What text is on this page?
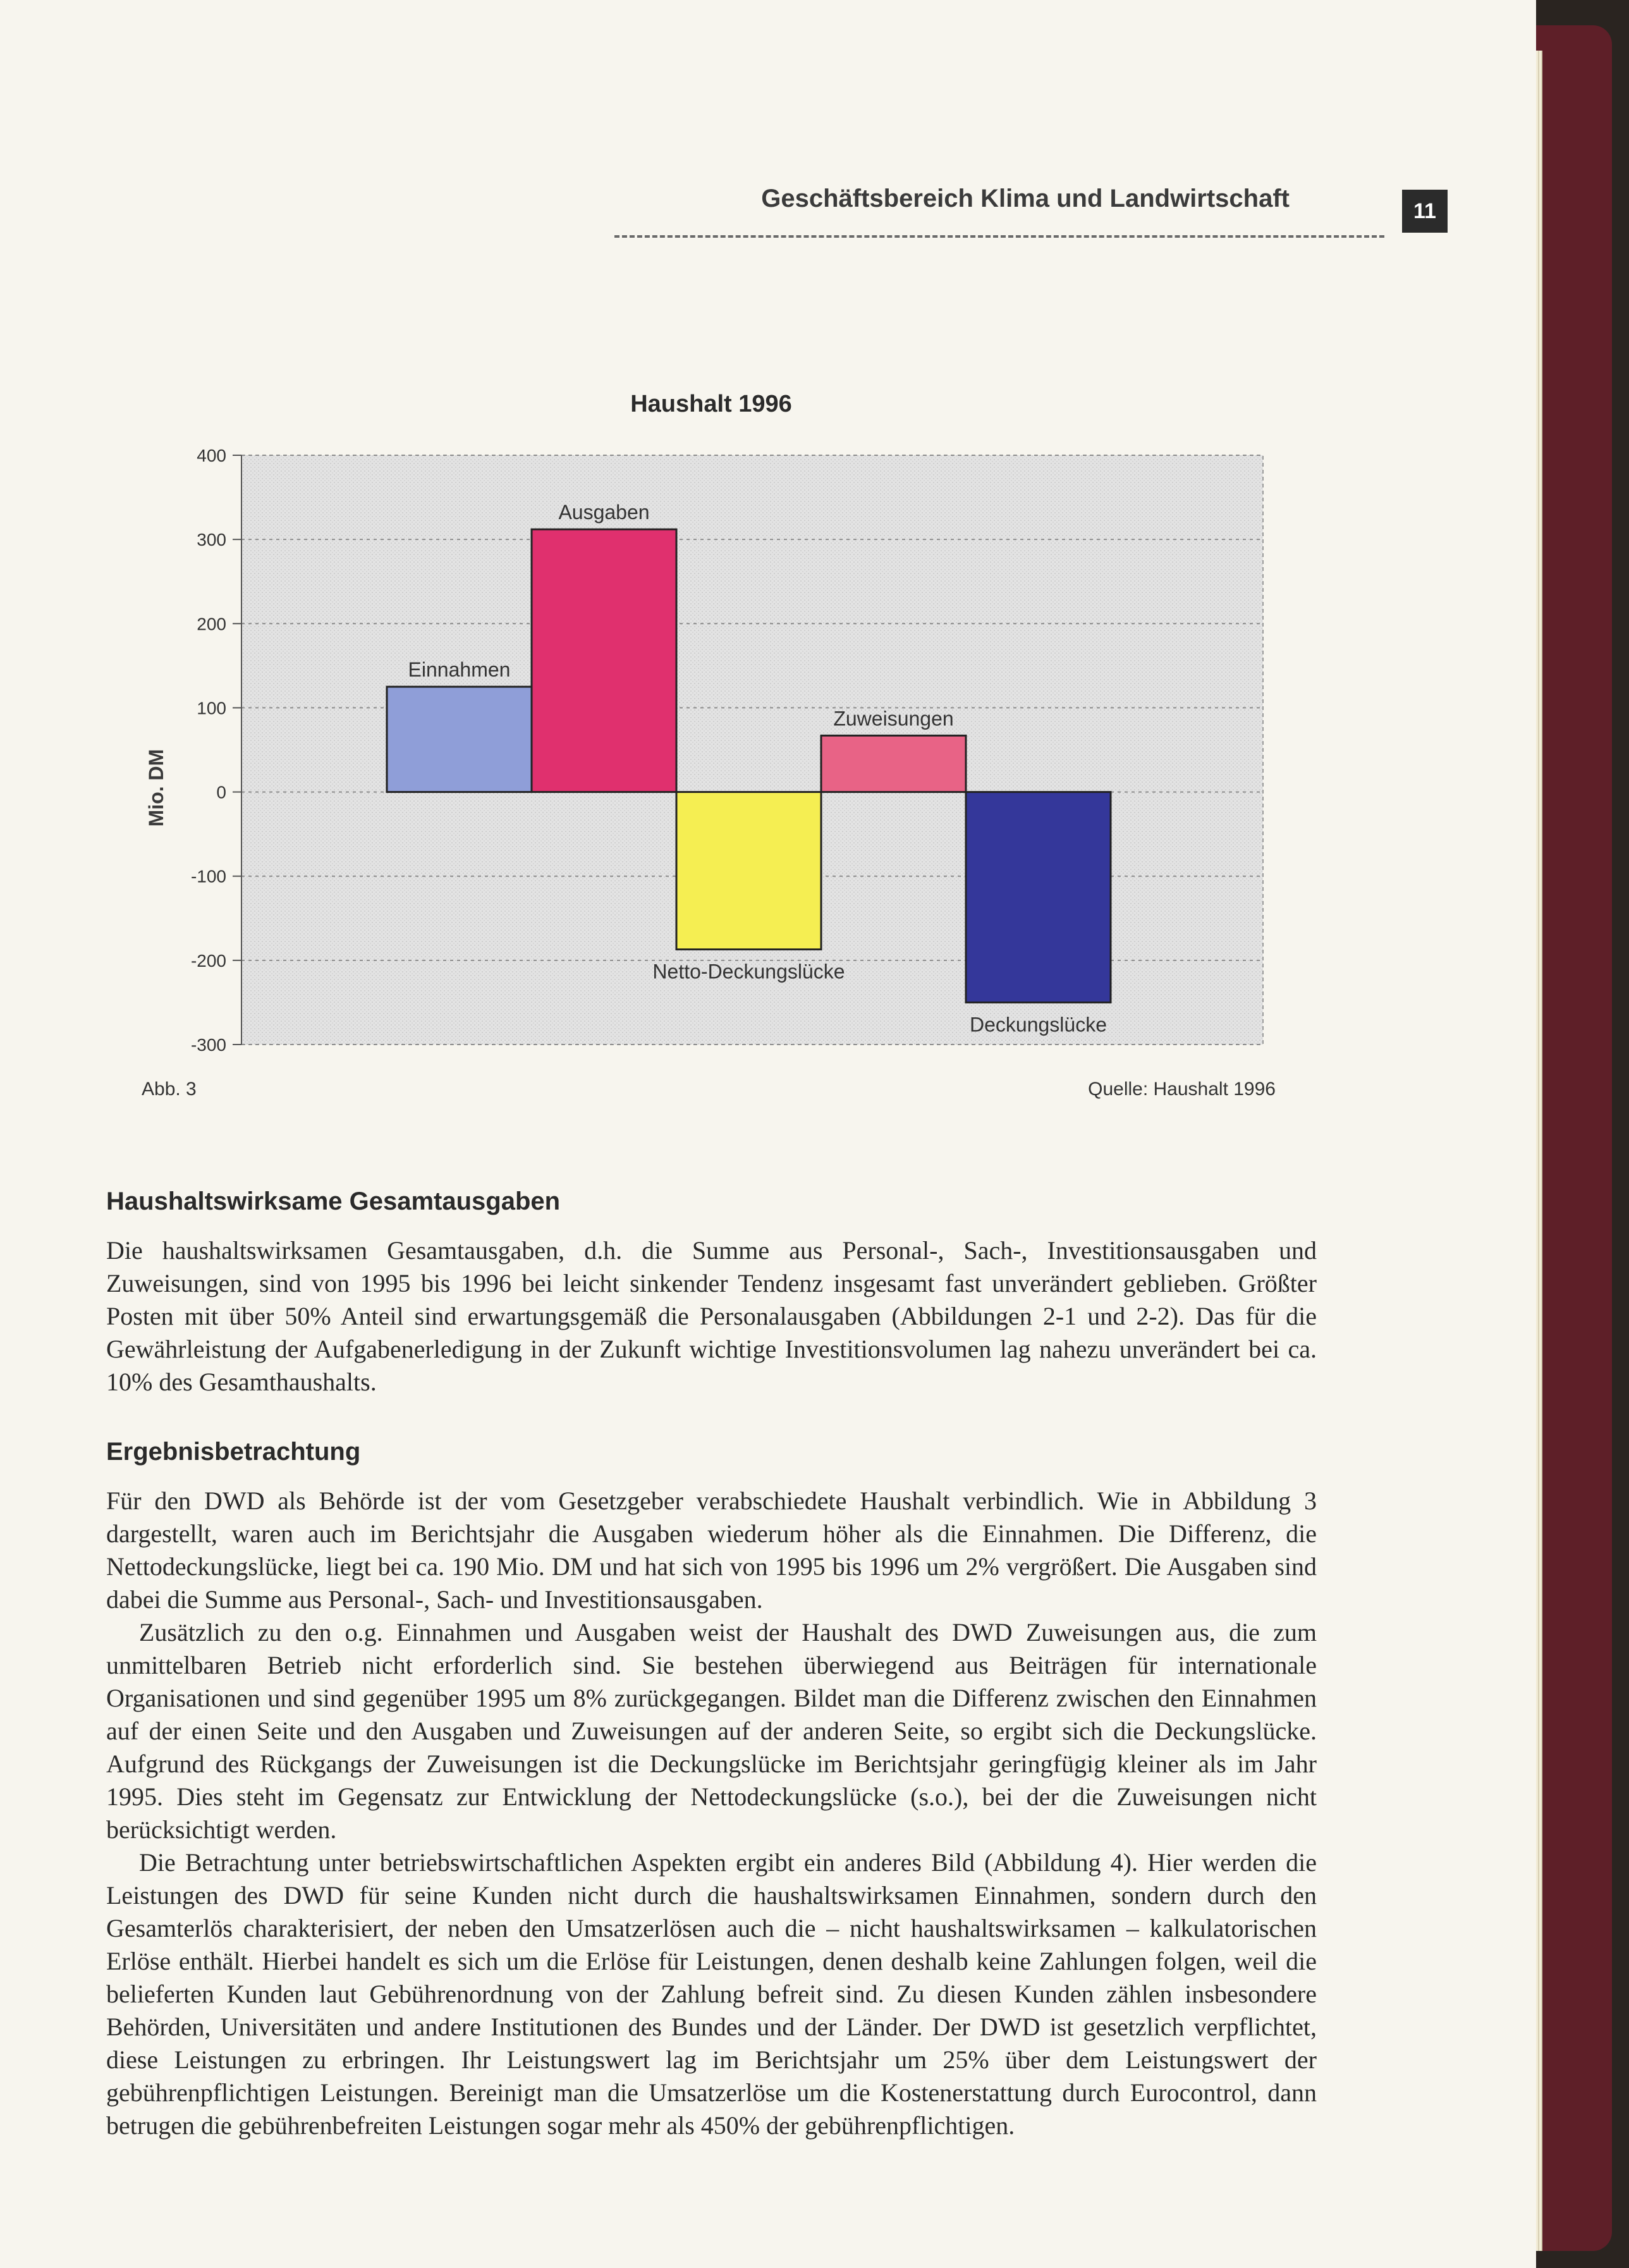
Geschäftsbereich Klima und Landwirtschaft	11
Haushalt 1996
400
300
200
100
0
-100
-200
-300
Einnahmen
Ausgaben
Netto-Deckungslücke
Zuweisungen
Deckungslücke
Mio. DM
Abb. 3	Quelle: Haushalt 1996
Haushaltswirksame Gesamtausgaben

Die haushaltswirksamen Gesamtausgaben, d.h. die Summe aus Personal-, Sach-, Investitionsausgaben und Zuweisungen, sind von 1995 bis 1996 bei leicht sinkender Tendenz insgesamt fast unverändert geblieben. Größter Posten mit über 50% Anteil sind erwartungsgemäß die Personalausgaben (Abbildungen 2-1 und 2-2). Das für die Gewährleistung der Aufgabenerledigung in der Zukunft wichtige Investitionsvolumen lag nahezu unverändert bei ca. 10% des Gesamthaushalts.

Ergebnisbetrachtung

Für den DWD als Behörde ist der vom Gesetzgeber verabschiedete Haushalt verbindlich. Wie in Abbildung 3 dargestellt, waren auch im Berichtsjahr die Ausgaben wiederum höher als die Einnahmen. Die Differenz, die Nettodeckungslücke, liegt bei ca. 190 Mio. DM und hat sich von 1995 bis 1996 um 2% vergrößert. Die Ausgaben sind dabei die Summe aus Personal-, Sach- und Investitionsausgaben.

Zusätzlich zu den o.g. Einnahmen und Ausgaben weist der Haushalt des DWD Zuweisungen aus, die zum unmittelbaren Betrieb nicht erforderlich sind. Sie bestehen überwiegend aus Beiträgen für internationale Organisationen und sind gegenüber 1995 um 8% zurückgegangen. Bildet man die Differenz zwischen den Einnahmen auf der einen Seite und den Ausgaben und Zuweisungen auf der anderen Seite, so ergibt sich die Deckungslücke. Aufgrund des Rückgangs der Zuweisungen ist die Deckungslücke im Berichtsjahr geringfügig kleiner als im Jahr 1995. Dies steht im Gegensatz zur Entwicklung der Nettodeckungslücke (s.o.), bei der die Zuweisungen nicht berücksichtigt werden.

Die Betrachtung unter betriebswirtschaftlichen Aspekten ergibt ein anderes Bild (Abbildung 4). Hier werden die Leistungen des DWD für seine Kunden nicht durch die haushaltswirksamen Einnahmen, sondern durch den Gesamterlös charakterisiert, der neben den Umsatzerlösen auch die – nicht haushaltswirksamen – kalkulatorischen Erlöse enthält. Hierbei handelt es sich um die Erlöse für Leistungen, denen deshalb keine Zahlungen folgen, weil die belieferten Kunden laut Gebührenordnung von der Zahlung befreit sind. Zu diesen Kunden zählen insbesondere Behörden, Universitäten und andere Institutionen des Bundes und der Länder. Der DWD ist gesetzlich verpflichtet, diese Leistungen zu erbringen. Ihr Leistungswert lag im Berichtsjahr um 25% über dem Leistungswert der gebührenpflichtigen Leistungen. Bereinigt man die Umsatzerlöse um die Kostenerstattung durch Eurocontrol, dann betrugen die gebührenbefreiten Leistungen sogar mehr als 450% der gebührenpflichtigen.
